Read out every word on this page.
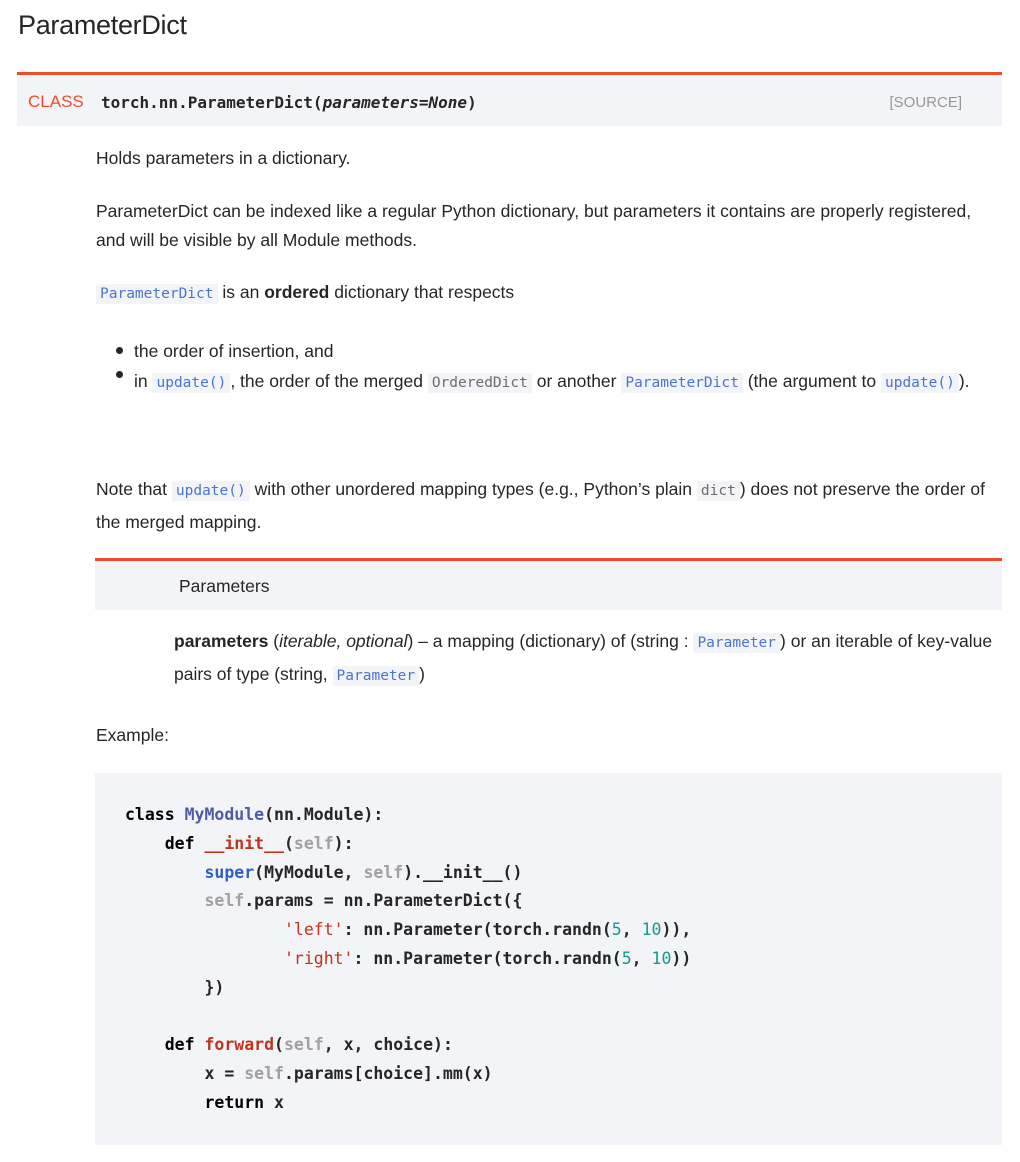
ParameterDict
CLASS torch.nn.ParameterDict(parameters=None)	[SOURCE]

Holds parameters in a dictionary.

ParameterDict can be indexed like a regular Python dictionary, but parameters it contains are properly registered, and will be visible by all Module methods.

ParameterDict is an ordered dictionary that respects

the order of insertion, and
in update() , the order of the merged OrderedDict or another ParameterDict (the argument to update() ).

Note that update() with other unordered mapping types (e.g., Python’s plain dict ) does not preserve the order of the merged mapping.

Parameters

parameters (iterable, optional) – a mapping (dictionary) of (string : Parameter ) or an iterable of key-value pairs of type (string, Parameter )

Example:

class MyModule(nn.Module):
def __init__(self):
super(MyModule, self).__init__()
self.params = nn.ParameterDict({
'left': nn.Parameter(torch.randn(5, 10)),
'right': nn.Parameter(torch.randn(5, 10))
})

def forward(self, x, choice):
x = self.params[choice].mm(x)
return x
